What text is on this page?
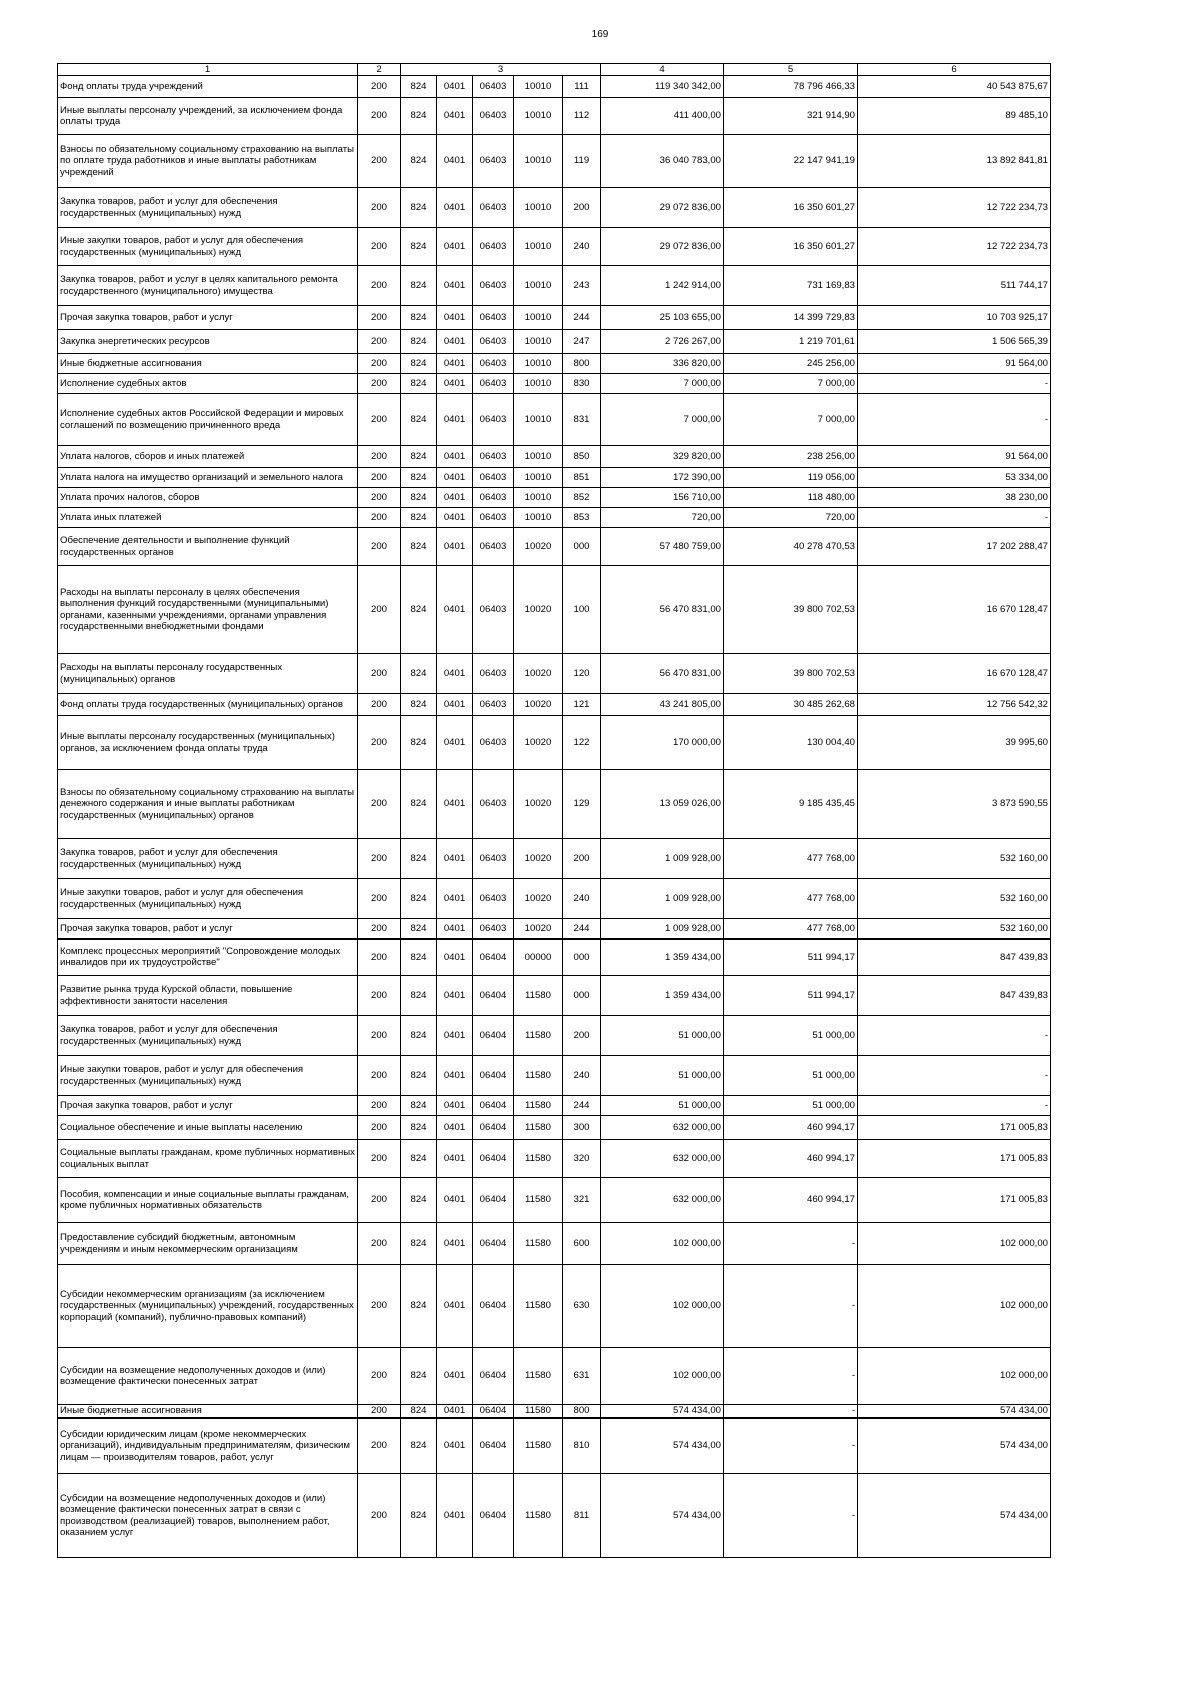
169
1	2	3					4	5	6
Фонд оплаты труда учреждений	200	824	0401	06403	10010	111	119 340 342,00	78 796 466,33	40 543 875,67
Иные выплаты персоналу учреждений, за исключением фонда оплаты труда	200	824	0401	06403	10010	112	411 400,00	321 914,90	89 485,10
Взносы по обязательному социальному страхованию на выплаты по оплате труда работников и иные выплаты работникам учреждений	200	824	0401	06403	10010	119	36 040 783,00	22 147 941,19	13 892 841,81
Закупка товаров, работ и услуг для обеспечения государственных (муниципальных) нужд	200	824	0401	06403	10010	200	29 072 836,00	16 350 601,27	12 722 234,73
Иные закупки товаров, работ и услуг для обеспечения государственных (муниципальных) нужд	200	824	0401	06403	10010	240	29 072 836,00	16 350 601,27	12 722 234,73
Закупка товаров, работ и услуг в целях капитального ремонта государственного (муниципального) имущества	200	824	0401	06403	10010	243	1 242 914,00	731 169,83	511 744,17
Прочая закупка товаров, работ и услуг	200	824	0401	06403	10010	244	25 103 655,00	14 399 729,83	10 703 925,17
Закупка энергетических ресурсов	200	824	0401	06403	10010	247	2 726 267,00	1 219 701,61	1 506 565,39
Иные бюджетные ассигнования	200	824	0401	06403	10010	800	336 820,00	245 256,00	91 564,00
Исполнение судебных актов	200	824	0401	06403	10010	830	7 000,00	7 000,00	-
Исполнение судебных актов Российской Федерации и мировых соглашений по возмещению причиненного вреда	200	824	0401	06403	10010	831	7 000,00	7 000,00	-
Уплата налогов, сборов и иных платежей	200	824	0401	06403	10010	850	329 820,00	238 256,00	91 564,00
Уплата налога на имущество организаций и земельного налога	200	824	0401	06403	10010	851	172 390,00	119 056,00	53 334,00
Уплата прочих налогов, сборов	200	824	0401	06403	10010	852	156 710,00	118 480,00	38 230,00
Уплата иных платежей	200	824	0401	06403	10010	853	720,00	720,00	-
Обеспечение деятельности и выполнение функций государственных органов	200	824	0401	06403	10020	000	57 480 759,00	40 278 470,53	17 202 288,47
Расходы на выплаты персоналу в целях обеспечения выполнения функций государственными (муниципальными) органами, казенными учреждениями, органами управления государственными внебюджетными фондами	200	824	0401	06403	10020	100	56 470 831,00	39 800 702,53	16 670 128,47
Расходы на выплаты персоналу государственных (муниципальных) органов	200	824	0401	06403	10020	120	56 470 831,00	39 800 702,53	16 670 128,47
Фонд оплаты труда государственных (муниципальных) органов	200	824	0401	06403	10020	121	43 241 805,00	30 485 262,68	12 756 542,32
Иные выплаты персоналу государственных (муниципальных) органов, за исключением фонда оплаты труда	200	824	0401	06403	10020	122	170 000,00	130 004,40	39 995,60
Взносы по обязательному социальному страхованию на выплаты денежного содержания и иные выплаты работникам государственных (муниципальных) органов	200	824	0401	06403	10020	129	13 059 026,00	9 185 435,45	3 873 590,55
Закупка товаров, работ и услуг для обеспечения государственных (муниципальных) нужд	200	824	0401	06403	10020	200	1 009 928,00	477 768,00	532 160,00
Иные закупки товаров, работ и услуг для обеспечения государственных (муниципальных) нужд	200	824	0401	06403	10020	240	1 009 928,00	477 768,00	532 160,00
Прочая закупка товаров, работ и услуг	200	824	0401	06403	10020	244	1 009 928,00	477 768,00	532 160,00
Комплекс процессных мероприятий "Сопровождение молодых инвалидов при их трудоустройстве"	200	824	0401	06404	00000	000	1 359 434,00	511 994,17	847 439,83
Развитие рынка труда Курской области, повышение эффективности занятости населения	200	824	0401	06404	11580	000	1 359 434,00	511 994,17	847 439,83
Закупка товаров, работ и услуг для обеспечения государственных (муниципальных) нужд	200	824	0401	06404	11580	200	51 000,00	51 000,00	-
Иные закупки товаров, работ и услуг для обеспечения государственных (муниципальных) нужд	200	824	0401	06404	11580	240	51 000,00	51 000,00	-
Прочая закупка товаров, работ и услуг	200	824	0401	06404	11580	244	51 000,00	51 000,00	-
Социальное обеспечение и иные выплаты населению	200	824	0401	06404	11580	300	632 000,00	460 994,17	171 005,83
Социальные выплаты гражданам, кроме публичных нормативных социальных выплат	200	824	0401	06404	11580	320	632 000,00	460 994,17	171 005,83
Пособия, компенсации и иные социальные выплаты гражданам, кроме публичных нормативных обязательств	200	824	0401	06404	11580	321	632 000,00	460 994,17	171 005,83
Предоставление субсидий бюджетным, автономным учреждениям и иным некоммерческим организациям	200	824	0401	06404	11580	600	102 000,00	-	102 000,00
Субсидии некоммерческим организациям (за исключением государственных (муниципальных) учреждений, государственных корпораций (компаний), публично-правовых компаний)	200	824	0401	06404	11580	630	102 000,00	-	102 000,00
Субсидии на возмещение недополученных доходов и (или) возмещение фактически понесенных затрат	200	824	0401	06404	11580	631	102 000,00	-	102 000,00
Иные бюджетные ассигнования	200	824	0401	06404	11580	800	574 434,00	-	574 434,00
Субсидии юридическим лицам (кроме некоммерческих организаций), индивидуальным предпринимателям, физическим лицам — производителям товаров, работ, услуг	200	824	0401	06404	11580	810	574 434,00	-	574 434,00
Субсидии на возмещение недополученных доходов и (или) возмещение фактически понесенных затрат в связи с производством (реализацией) товаров, выполнением работ, оказанием услуг	200	824	0401	06404	11580	811	574 434,00	-	574 434,00
